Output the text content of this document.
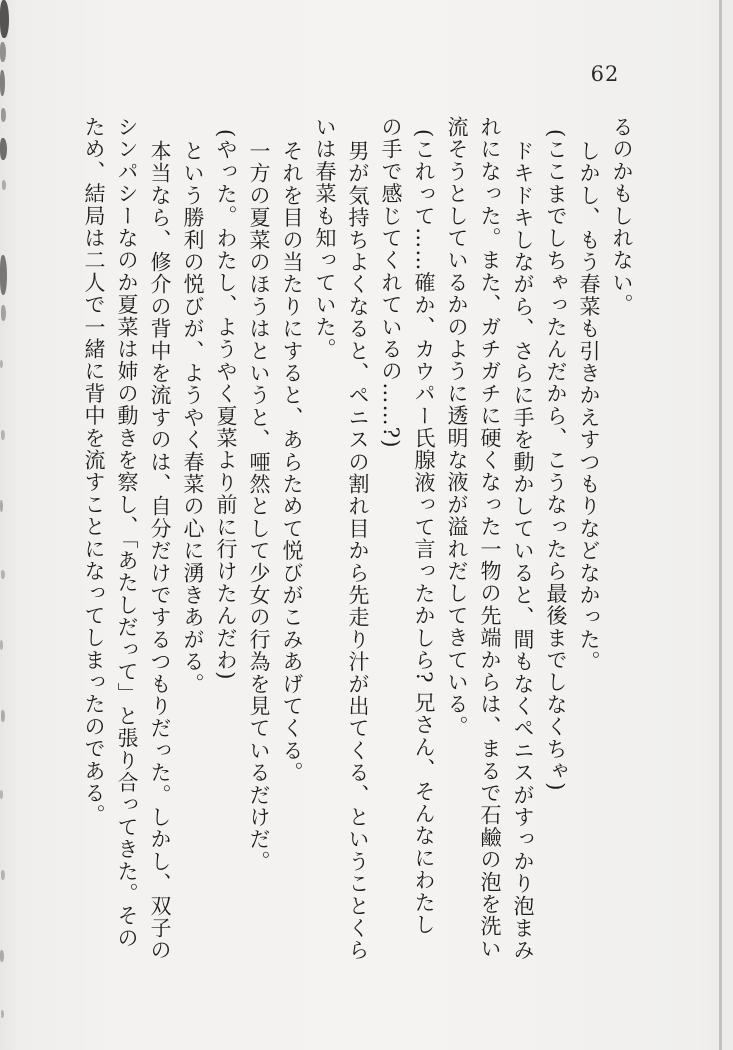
62

るのかもしれない。

しかし、もう春菜も引きかえすつもりなどなかった。

(ここまでしちゃったんだから、こうなったら最後までしなくちゃ)

ドキドキしながら、さらに手を動かしていると、間もなくペニスがすっかり泡まみ

れになった。また、ガチガチに硬くなった一物の先端からは、まるで石鹼の泡を洗い

流そうとしているかのように透明な液が溢れだしてきている。

(これって……確か、カウパー氏腺液って言ったかしら? 兄さん、そんなにわたし

の手で感じてくれているの……?)

男が気持ちよくなると、ペニスの割れ目から先走り汁が出てくる、ということくら

いは春菜も知っていた。

それを目の当たりにすると、あらためて悦びがこみあげてくる。

一方の夏菜のほうはというと、唖然として少女の行為を見ているだけだ。

(やった。わたし、ようやく夏菜より前に行けたんだわ)

という勝利の悦びが、ようやく春菜の心に湧きあがる。

本当なら、修介の背中を流すのは、自分だけでするつもりだった。しかし、双子の

シンパシーなのか夏菜は姉の動きを察し、「あたしだって」と張り合ってきた。その

ため、結局は二人で一緒に背中を流すことになってしまったのである。
